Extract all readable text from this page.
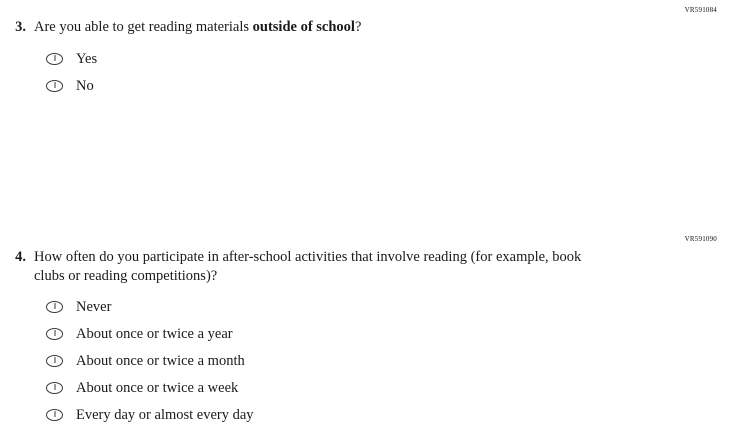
VR591084
3. Are you able to get reading materials outside of school?
Yes
No
VR591090
4. How often do you participate in after-school activities that involve reading (for example, book clubs or reading competitions)?
Never
About once or twice a year
About once or twice a month
About once or twice a week
Every day or almost every day
